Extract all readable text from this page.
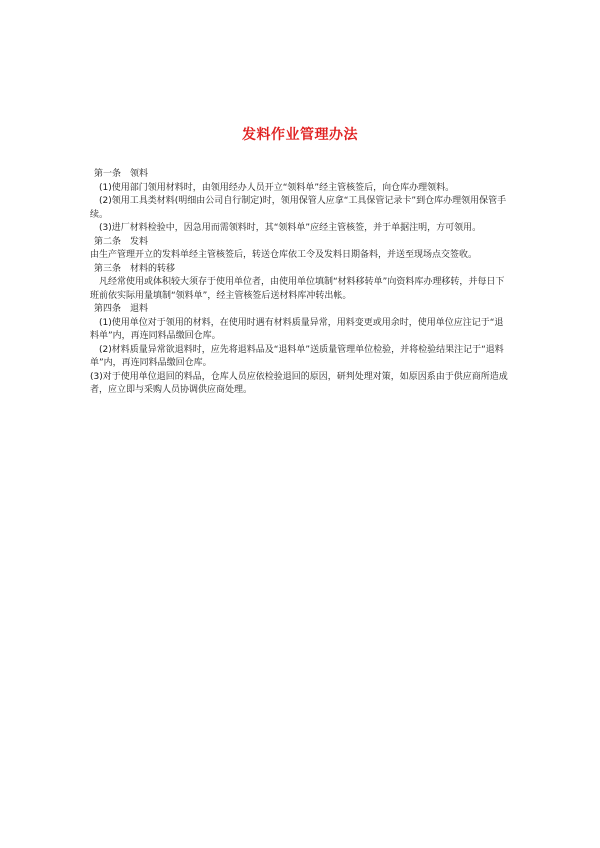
发料作业管理办法

第一条　领料

(1)使用部门领用材料时，由领用经办人员开立“领料单”经主管核签后，向仓库办理领料。

(2)领用工具类材料(明细由公司自行制定)时，领用保管人应拿“工具保管记录卡”到仓库办理领用保管手续。

(3)进厂材料检验中，因急用而需领料时，其“领料单”应经主管核签，并于单据注明，方可领用。

第二条　发料

由生产管理开立的发料单经主管核签后，转送仓库依工令及发料日期备料，并送至现场点交签收。

第三条　材料的转移

凡经常使用或体积较大须存于使用单位者，由使用单位填制“材料移转单”向资料库办理移转，并每日下班前依实际用量填制“领料单”，经主管核签后送材料库冲转出帐。

第四条　退料

(1)使用单位对于领用的材料，在使用时遇有材料质量异常，用料变更或用余时，使用单位应注记于“退料单”内，再连同料品缴回仓库。

(2)材料质量异常欲退料时，应先将退料品及“退料单”送质量管理单位检验，并将检验结果注记于“退料单”内，再连同料品缴回仓库。

(3)对于使用单位退回的料品，仓库人员应依检验退回的原因，研判处理对策，如原因系由于供应商所造成者，应立即与采购人员协调供应商处理。
